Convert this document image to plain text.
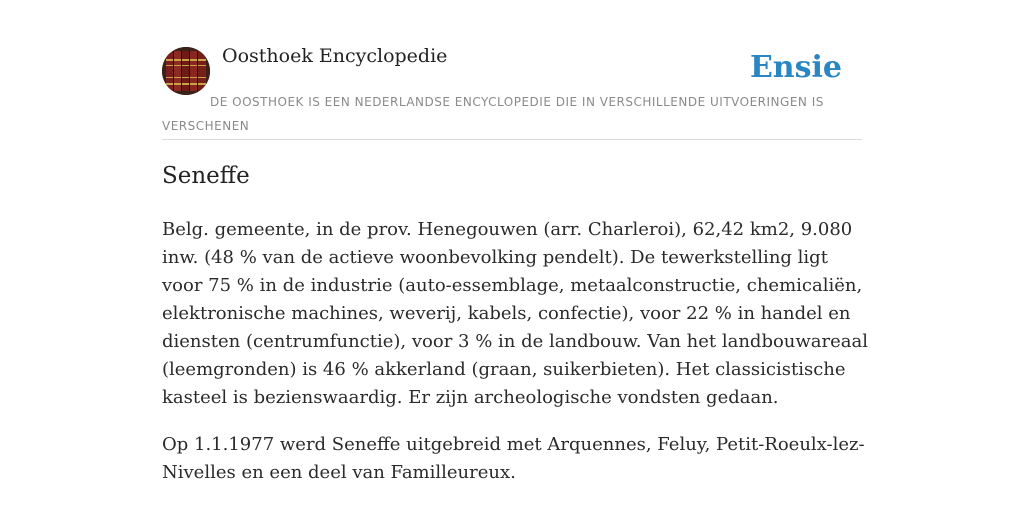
Oosthoek Encyclopedie	Ensie
DE OOSTHOEK IS EEN NEDERLANDSE ENCYCLOPEDIE DIE IN VERSCHILLENDE UITVOERINGEN IS VERSCHENEN
Seneffe

Belg. gemeente, in de prov. Henegouwen (arr. Charleroi), 62,42 km2, 9.080 inw. (48 % van de actieve woonbevolking pendelt). De tewerkstelling ligt voor 75 % in de industrie (auto-essemblage, metaalconstructie, chemicaliën, elektronische machines, weverij, kabels, confectie), voor 22 % in handel en diensten (centrumfunctie), voor 3 % in de landbouw. Van het landbouwareaal (leemgronden) is 46 % akkerland (graan, suikerbieten). Het classicistische kasteel is bezienswaardig. Er zijn archeologische vondsten gedaan.

Op 1.1.1977 werd Seneffe uitgebreid met Arquennes, Feluy, Petit-Roeulx-lez-Nivelles en een deel van Familleureux.
